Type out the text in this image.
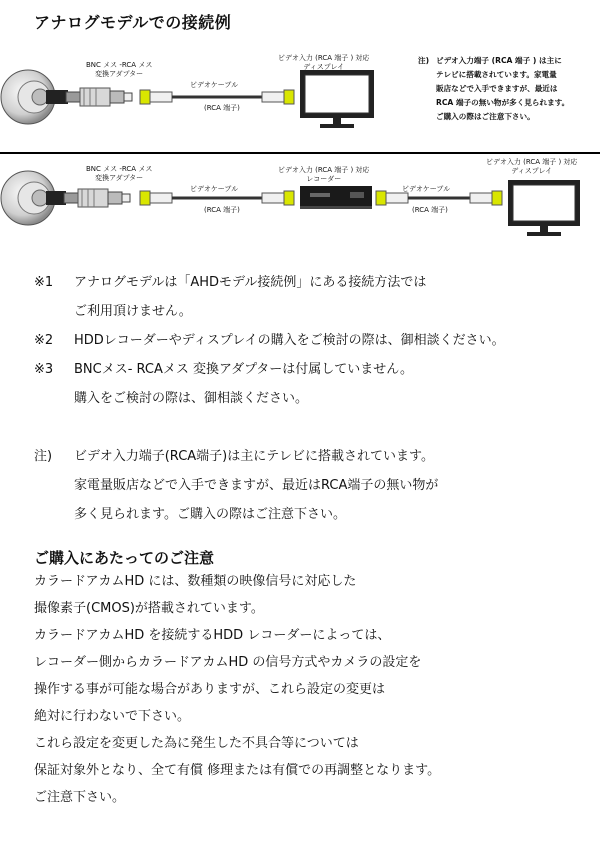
アナログモデルでの接続例
BNC メス -RCA メス
変換アダプター
ビデオケーブル
(RCA 端子)
ビデオ入力 (RCA 端子 ) 対応
ディスプレイ
注) ビデオ入力端子 (RCA 端子 ) は主に
テレビに搭載されています。家電量
販店などで入手できますが、最近は
RCA 端子の無い物が多く見られます。
ご購入の際はご注意下さい。
BNC メス -RCA メス
変換アダプター
ビデオケーブル
(RCA 端子)
ビデオ入力 (RCA 端子 ) 対応
レコーダー
ビデオケーブル
(RCA 端子)
ビデオ入力 (RCA 端子 ) 対応
ディスプレイ
※1 アナログモデルは「AHDモデル接続例」にある接続方法では
ご利用頂けません。
※2 HDDレコーダーやディスプレイの購入をご検討の際は、御相談ください。
※3 BNCメス- RCAメス 変換アダプターは付属していません。
購入をご検討の際は、御相談ください。
注) ビデオ入力端子(RCA端子)は主にテレビに搭載されています。
家電量販店などで入手できますが、最近はRCA端子の無い物が
多く見られます。ご購入の際はご注意下さい。
ご購入にあたってのご注意
カラードアカムHD には、数種類の映像信号に対応した
撮像素子(CMOS)が搭載されています。
カラードアカムHD を接続するHDD レコーダーによっては、
レコーダー側からカラードアカムHD の信号方式やカメラの設定を
操作する事が可能な場合がありますが、これら設定の変更は
絶対に行わないで下さい。
これら設定を変更した為に発生した不具合等については
保証対象外となり、全て有償 修理または有償での再調整となります。
ご注意下さい。
